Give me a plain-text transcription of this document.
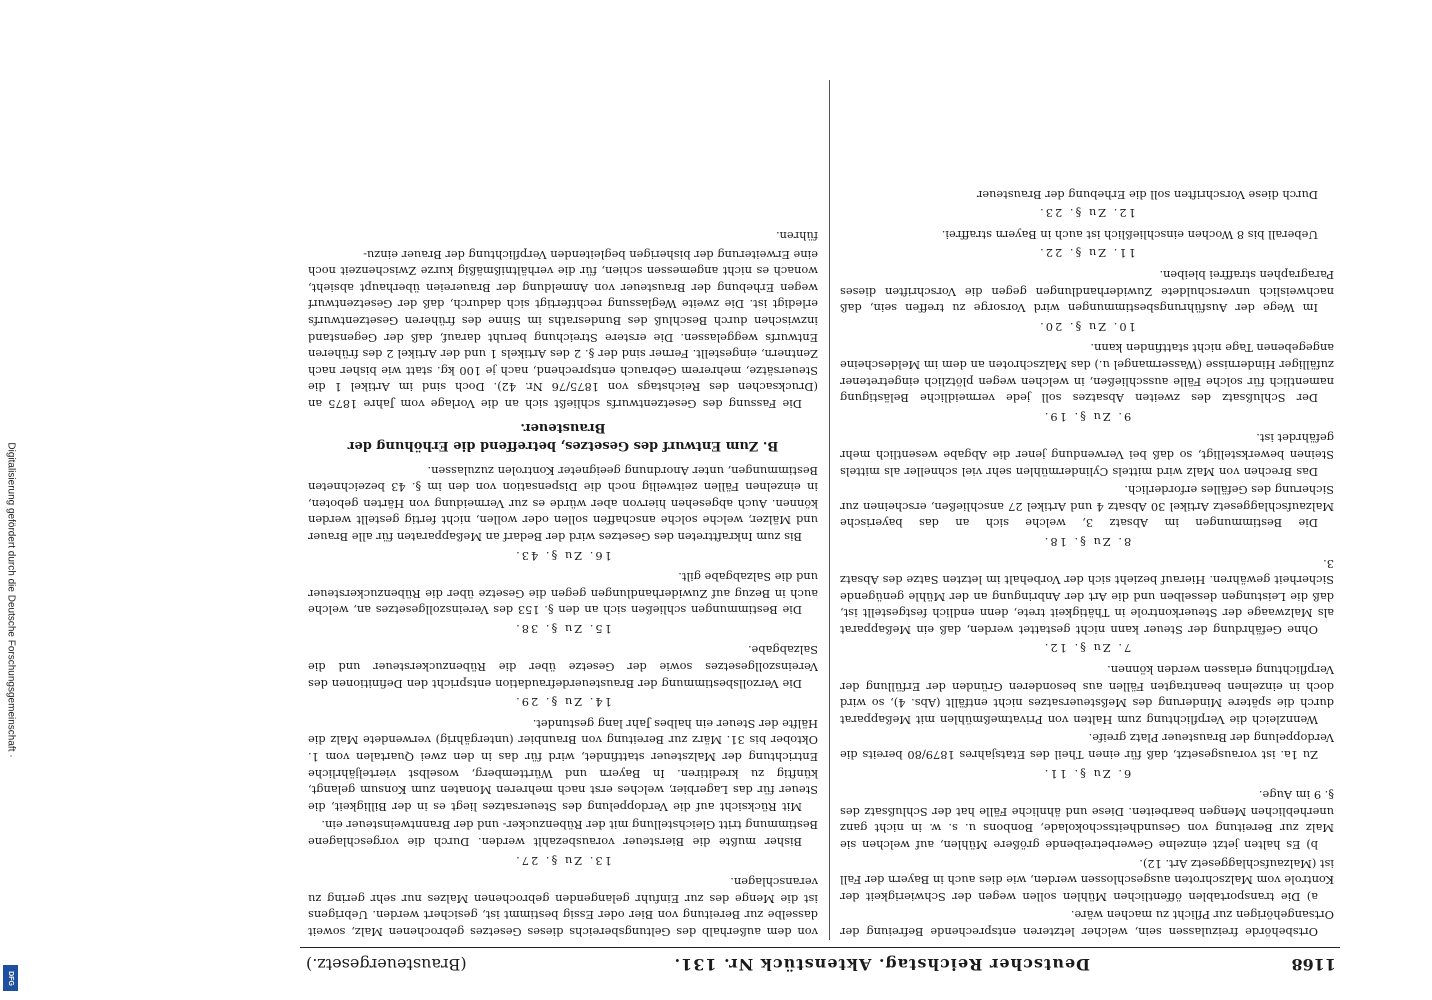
Digitalisierung gefördert durch die Deutsche Forschungsgemeinschaft ·
DFG
1168
Deutscher Reichstag. Aktenstück Nr. 131.
(Brausteuergesetz.)

Ortsbehörde freizulassen sein, welcher letzteren entsprechende Befreiung der Ortsangehörigen zur Pflicht zu machen wäre.

a) Die transportablen öffentlichen Mühlen sollen wegen der Schwierigkeit der Kontrole vom Malzschroten ausgeschlossen werden, wie dies auch in Bayern der Fall ist (Malzaufschlaggesetz Art. 12).

b) Es halten jetzt einzelne Gewerbetreibende größere Mühlen, auf welchen sie Malz zur Bereitung von Gesundheitsschokolade, Bonbons u. s. w. in nicht ganz unerheblichen Mengen bearbeiten. Diese und ähnliche Fälle hat der Schlußsatz des §. 9 im Auge.

6. Zu §. 11.

Zu 1a. ist vorausgesetzt, daß für einen Theil des Etatsjahres 1879/80 bereits die Verdoppelung der Brausteuer Platz greife.

Wennzleich die Verpflichtung zum Halten von Privatmeßmühlen mit Meßapparat durch die spätere Minderung des Meßsteuersatzes nicht entfällt (Abs. 4), so wird doch in einzelnen beantragten Fällen aus besonderen Gründen der Erfüllung der Verpflichtung erlassen werden können.

7. Zu §. 12.

Ohne Gefährdung der Steuer kann nicht gestattet werden, daß ein Meßapparat als Malzwaage der Steuerkontrole in Thätigkeit trete, denn endlich festgestellt ist, daß die Leistungen desselben und die Art der Anbringung an der Mühle genügende Sicherheit gewähren. Hierauf bezieht sich der Vorbehalt im letzten Satze des Absatz 3.

8. Zu §. 18.

Die Bestimmungen im Absatz 3, welche sich an das bayerische Malzaufschlaggesetz Artikel 30 Absatz 4 und Artikel 27 anschließen, erscheinen zur Sicherung des Gefälles erforderlich.

Das Brechen von Malz wird mittels Cylindermühlen sehr viel schneller als mittels Steinen bewerkstelligt, so daß bei Verwendung jener die Abgabe wesentlich mehr gefährdet ist.

9. Zu §. 19.

Der Schlußsatz des zweiten Absatzes soll jede vermeidliche Belästigung namentlich für solche Fälle ausschließen, in welchen wegen plötzlich eingetretener zufälliger Hindernisse (Wassermangel u.) das Malzschroten an dem im Meldescheine angegebenen Tage nicht stattfinden kann.

10. Zu §. 20.

Im Wege der Ausführungsbestimmungen wird Vorsorge zu treffen sein, daß nachweislich unverschuldete Zuwiderhandlungen gegen die Vorschriften dieses Paragraphen straffrei bleiben.

11. Zu §. 22.

Ueberall bis 8 Wochen einschließlich ist auch in Bayern straffrei.

12. Zu §. 23.

Durch diese Vorschriften soll die Erhebung der Brausteuer

von dem außerhalb des Geltungsbereichs dieses Gesetzes gebrochenen Malz, soweit dasselbe zur Bereitung von Bier oder Essig bestimmt ist, gesichert werden. Uebrigens ist die Menge des zur Einfuhr gelangenden gebrochenen Malzes nur sehr gering zu veranschlagen.

13. Zu §. 27.

Bisher mußte die Biersteuer vorausbezahlt werden. Durch die vorgeschlagene Bestimmung tritt Gleichstellung mit der Rübenzucker- und der Branntweinsteuer ein.

Mit Rücksicht auf die Verdoppelung des Steuersatzes liegt es in der Billigkeit, die Steuer für das Lagerbier, welches erst nach mehreren Monaten zum Konsum gelangt, künftig zu kreditiren. In Bayern und Württemberg, woselbst vierteljährliche Entrichtung der Malzsteuer stattfindet, wird für das in den zwei Quartalen vom 1. Oktober bis 31. März zur Bereitung von Braunbier (untergährig) verwendete Malz die Hälfte der Steuer ein halbes Jahr lang gestundet.

14. Zu §. 29.

Die Verzollsbestimmung der Brausteuerdefraudation entspricht den Definitionen des Vereinszollgesetzes sowie der Gesetze über die Rübenzuckersteuer und die Salzabgabe.

15. Zu §. 38.

Die Bestimmungen schließen sich an den §. 153 des Vereinszollgesetzes an, welche auch in Bezug auf Zuwiderhandlungen gegen die Gesetze über die Rübenzuckersteuer und die Salzabgabe gilt.

16. Zu §. 43.

Bis zum Inkrafttreten des Gesetzes wird der Bedarf an Meßapparaten für alle Brauer und Mälzer, welche solche anschaffen sollen oder wollen, nicht fertig gestellt werden können. Auch abgesehen hiervon aber würde es zur Vermeidung von Härten geboten, in einzelnen Fällen zeitweilig noch die Dispensation von den im §. 43 bezeichneten Bestimmungen, unter Anordnung geeigneter Kontrolen zuzulassen.

B. Zum Entwurf des Gesetzes, betreffend die Erhöhung der Brausteuer.

Die Fassung des Gesetzentwurfs schließt sich an die Vorlage vom Jahre 1875 an (Drucksachen des Reichstags von 1875/76 Nr. 42). Doch sind im Artikel 1 die Steuersätze, mehrerem Gebrauch entsprechend, nach je 100 kg. statt wie bisher nach Zentnern, eingestellt. Ferner sind der §. 2 des Artikels 1 und der Artikel 2 des früheren Entwurfs weggelassen. Die erstere Streichung beruht darauf, daß der Gegenstand inzwischen durch Beschluß des Bundesraths im Sinne des früheren Gesetzentwurfs erledigt ist. Die zweite Weglassung rechtfertigt sich dadurch, daß der Gesetzentwurf wegen Erhebung der Brausteuer von Anmeldung der Brauereien überhaupt absieht, wonach es nicht angemessen schien, für die verhältnißmäßig kurze Zwischenzeit noch eine Erweiterung der bisherigen begleitenden Verpflichtung der Brauer einzu-

führen.
